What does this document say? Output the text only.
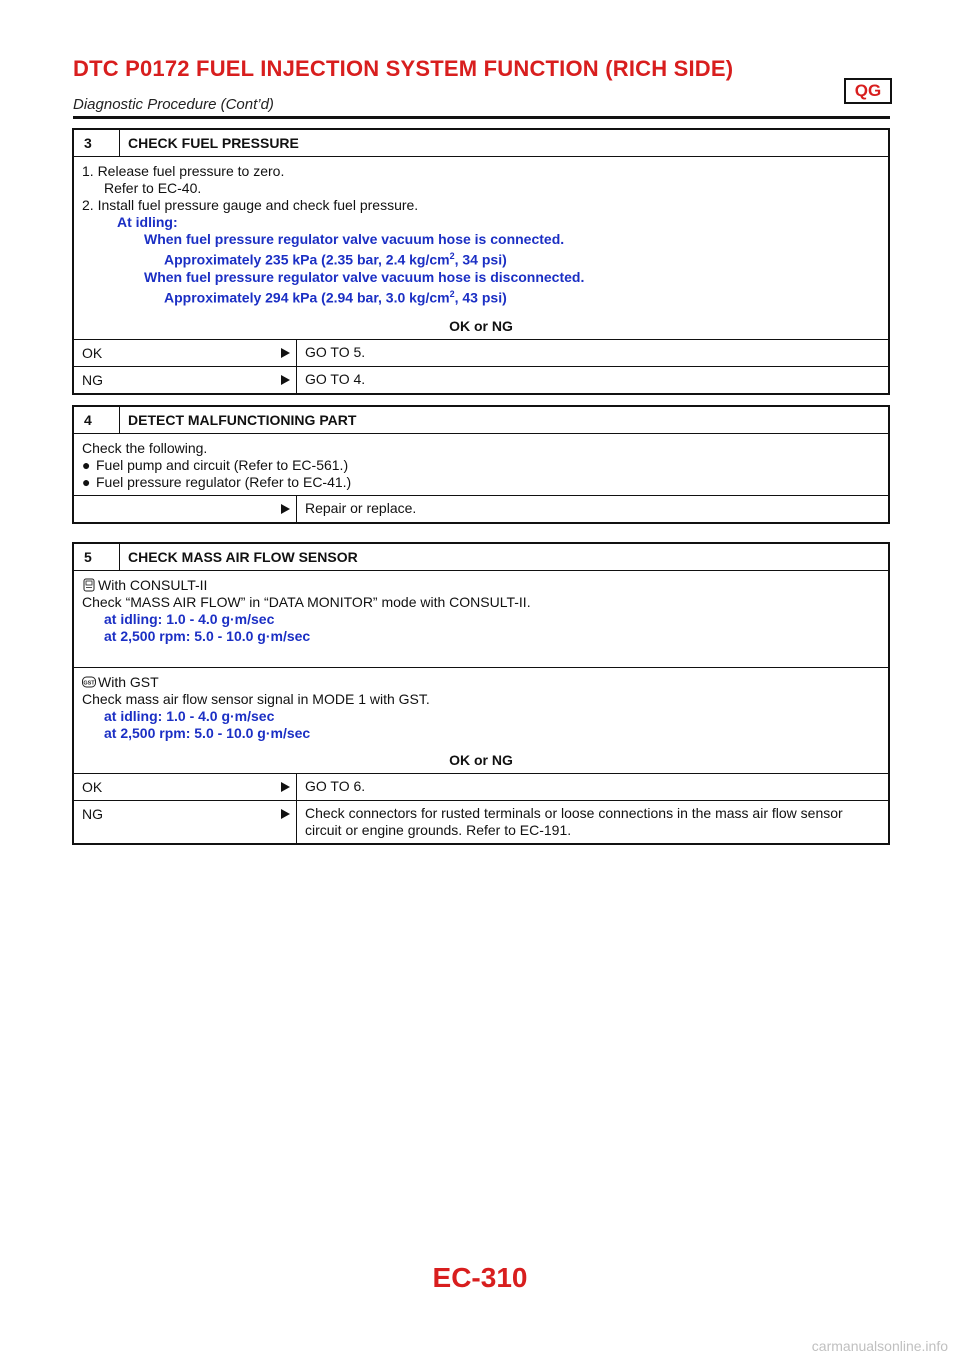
DTC P0172 FUEL INJECTION SYSTEM FUNCTION (RICH SIDE)
QG
Diagnostic Procedure (Cont’d)
3	CHECK FUEL PRESSURE
1. Release fuel pressure to zero.
Refer to EC-40.
2. Install fuel pressure gauge and check fuel pressure.
At idling:
When fuel pressure regulator valve vacuum hose is connected.
Approximately 235 kPa (2.35 bar, 2.4 $kg/cm^2$, 34 psi)
When fuel pressure regulator valve vacuum hose is disconnected.
Approximately 294 kPa (2.94 bar, 3.0 $kg/cm^2$, 43 psi)
OK or NG
OK	GO TO 5.
NG	GO TO 4.
4	DETECT MALFUNCTIONING PART
Check the following.
● Fuel pump and circuit (Refer to EC-561.)
● Fuel pressure regulator (Refer to EC-41.)
Repair or replace.
5	CHECK MASS AIR FLOW SENSOR
With CONSULT-II
Check “MASS AIR FLOW” in “DATA MONITOR” mode with CONSULT-II.
at idling: 1.0 - 4.0 g·m/sec
at 2,500 rpm: 5.0 - 10.0 g·m/sec
GST With GST
Check mass air flow sensor signal in MODE 1 with GST.
at idling: 1.0 - 4.0 g·m/sec
at 2,500 rpm: 5.0 - 10.0 g·m/sec
OK or NG
OK	GO TO 6.
NG	Check connectors for rusted terminals or loose connections in the mass air flow sensor circuit or engine grounds. Refer to EC-191.
EC-310
carmanualsonline.info
